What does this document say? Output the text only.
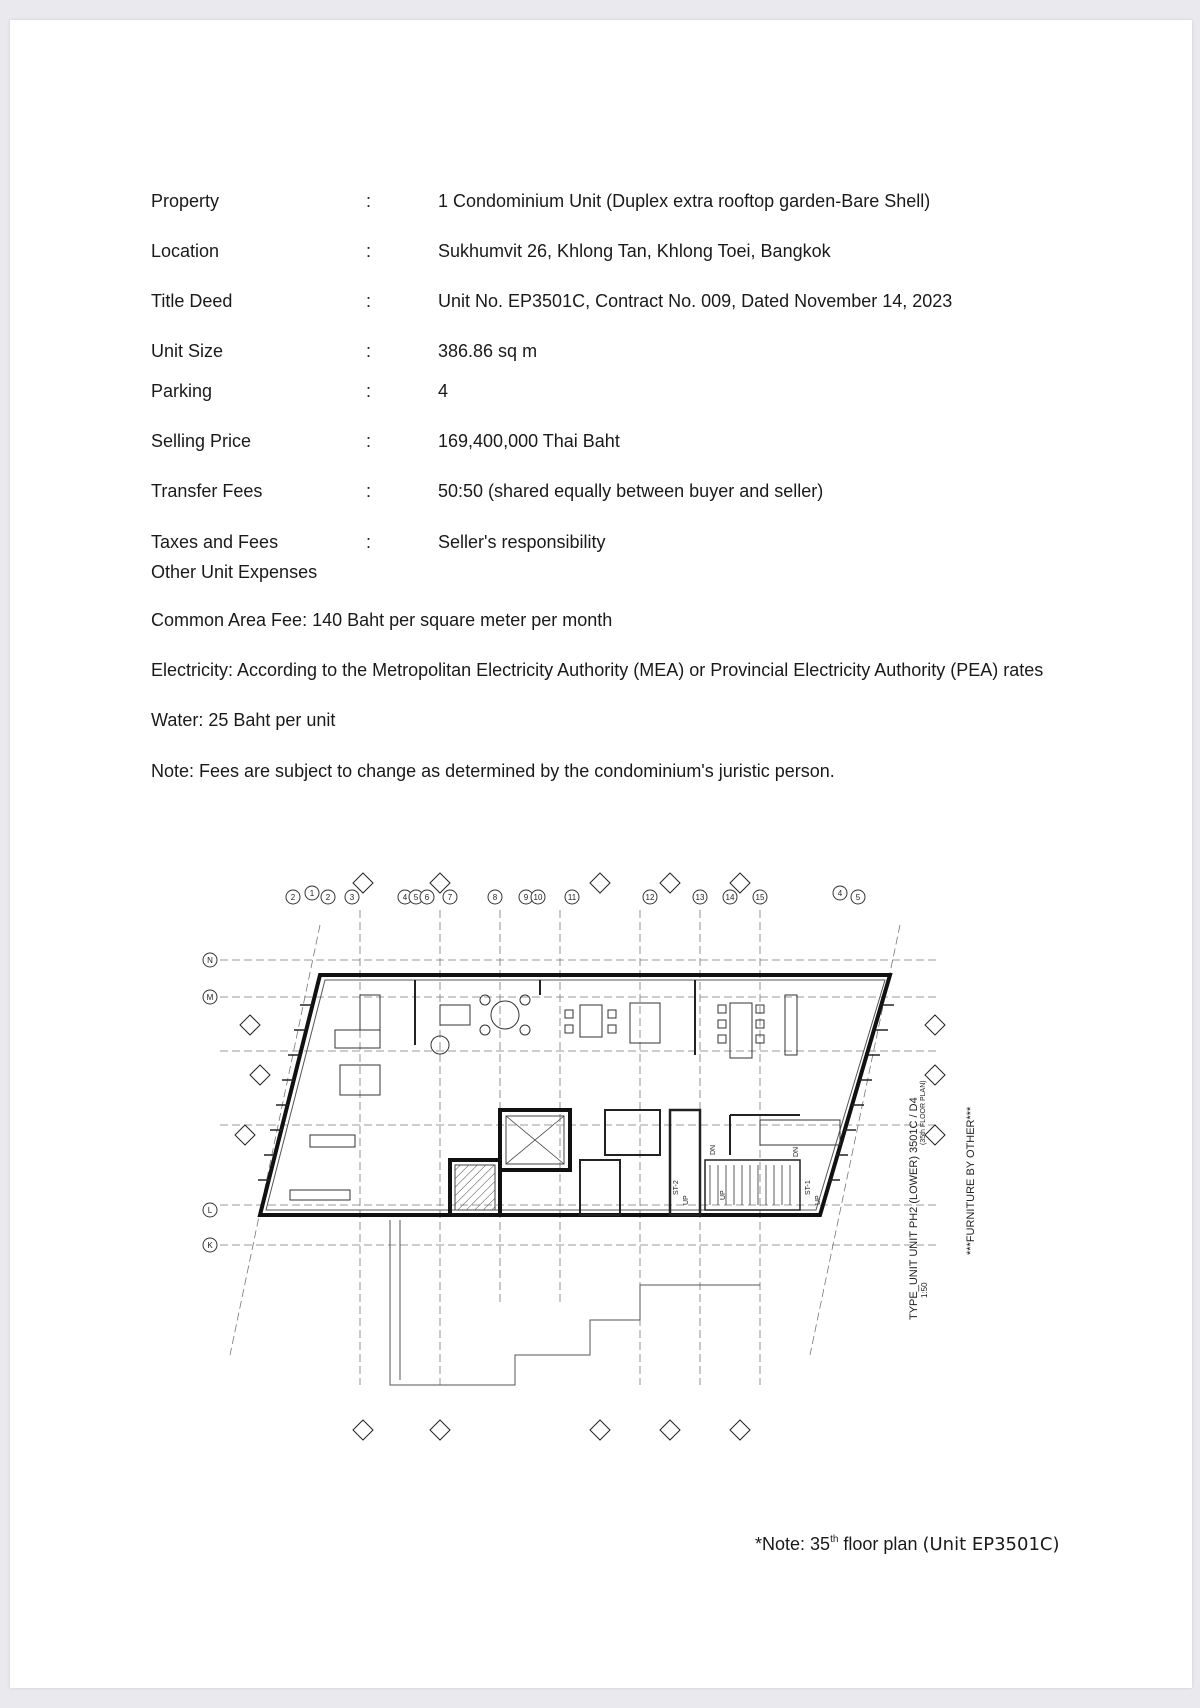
Property	:	1 Condominium Unit (Duplex extra rooftop garden-Bare Shell)
Location	:	Sukhumvit 26, Khlong Tan, Khlong Toei, Bangkok
Title Deed	:	Unit No. EP3501C, Contract No. 009, Dated November 14, 2023
Unit Size	:	386.86 sq m
Parking	:	4
Selling Price	:	169,400,000 Thai Baht
Transfer Fees	:	50:50 (shared equally between buyer and seller)
Taxes and Fees	:	Seller's responsibility
Other Unit Expenses
Common Area Fee: 140 Baht per square meter per month
Electricity: According to the Metropolitan Electricity Authority (MEA) or Provincial Electricity Authority (PEA) rates
Water: 25 Baht per unit
Note: Fees are subject to change as determined by the condominium's juristic person.
2 1 2 3	4 5 6 7	8	9 10	11	12	13	14	15	4 5
N
M
L
K
ST-2
UP
DN
UP
DN
ST-1
UP	TYPE_UNIT UNIT PH2 (LOWER) 3501C / D4 (35th FLOOR PLAN)
1:50
***FURNITURE BY OTHER***
*Note: 35th floor plan (Unit EP3501C)
